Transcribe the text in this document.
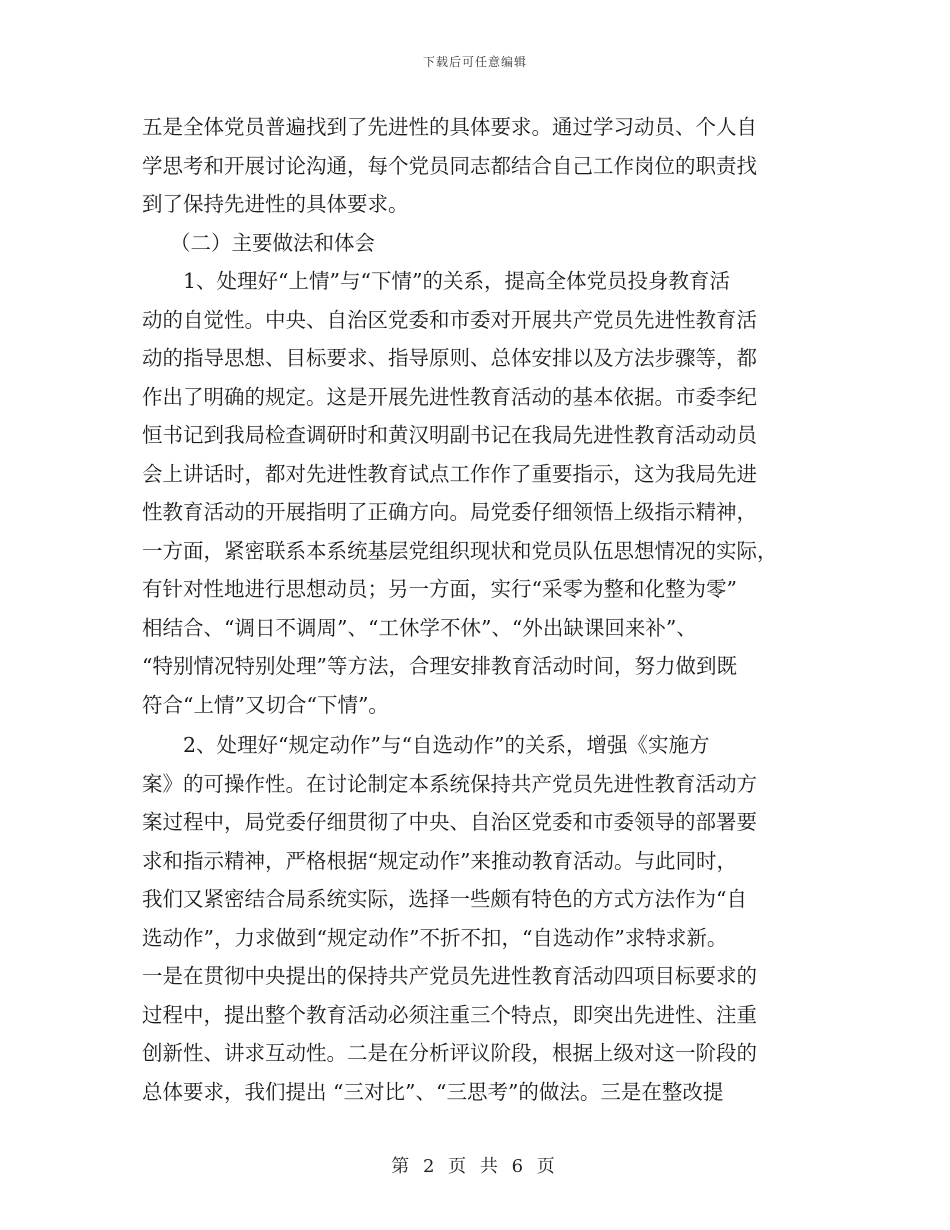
下载后可任意编辑
五是全体党员普遍找到了先进性的具体要求。通过学习动员、个人自
学思考和开展讨论沟通，每个党员同志都结合自己工作岗位的职责找
到了保持先进性的具体要求。
（二）主要做法和体会
1、处理好“上情”与“下情”的关系，提高全体党员投身教育活
动的自觉性。中央、自治区党委和市委对开展共产党员先进性教育活
动的指导思想、目标要求、指导原则、总体安排以及方法步骤等，都
作出了明确的规定。这是开展先进性教育活动的基本依据。市委李纪
恒书记到我局检查调研时和黄汉明副书记在我局先进性教育活动动员
会上讲话时，都对先进性教育试点工作作了重要指示，这为我局先进
性教育活动的开展指明了正确方向。局党委仔细领悟上级指示精神，
一方面，紧密联系本系统基层党组织现状和党员队伍思想情况的实际，
有针对性地进行思想动员；另一方面，实行“采零为整和化整为零”
相结合、“调日不调周”、“工休学不休”、“外出缺课回来补”、
“特别情况特别处理”等方法，合理安排教育活动时间，努力做到既
符合“上情”又切合“下情”。
2、处理好“规定动作”与“自选动作”的关系，增强《实施方
案》的可操作性。在讨论制定本系统保持共产党员先进性教育活动方
案过程中，局党委仔细贯彻了中央、自治区党委和市委领导的部署要
求和指示精神，严格根据“规定动作”来推动教育活动。与此同时，
我们又紧密结合局系统实际，选择一些颇有特色的方式方法作为“自
选动作”，力求做到“规定动作”不折不扣，“自选动作”求特求新。
一是在贯彻中央提出的保持共产党员先进性教育活动四项目标要求的
过程中，提出整个教育活动必须注重三个特点，即突出先进性、注重
创新性、讲求互动性。二是在分析评议阶段，根据上级对这一阶段的
总体要求，我们提出 “三对比”、“三思考”的做法。三是在整改提
第 2 页 共 6 页
